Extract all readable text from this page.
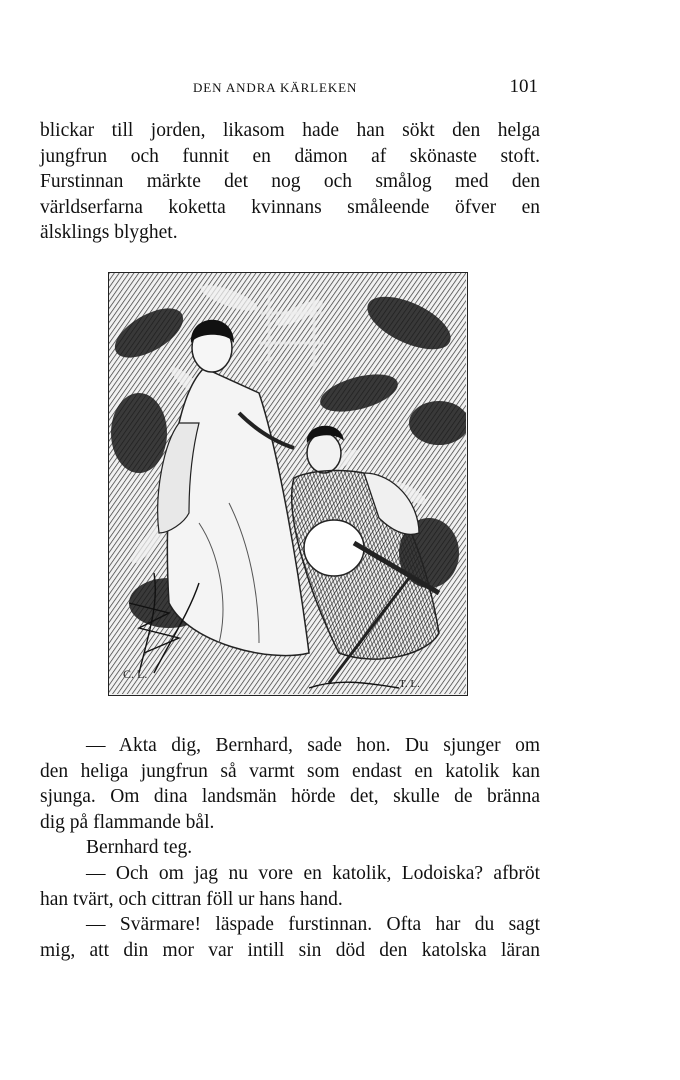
DEN ANDRA KÄRLEKEN	101
blickar till jorden, likasom hade han sökt den helga
jungfrun och funnit en dämon af skönaste stoft.
Furstinnan märkte det nog och smålog med den
världserfarna koketta kvinnans småleende öfver en
älsklings blyghet.
C. L.
T. L.
— Akta dig, Bernhard, sade hon. Du sjunger om
den heliga jungfrun så varmt som endast en katolik kan
sjunga. Om dina landsmän hörde det, skulle de bränna
dig på flammande bål.
Bernhard teg.
— Och om jag nu vore en katolik, Lodoiska? afbröt
han tvärt, och cittran föll ur hans hand.
— Svärmare! läspade furstinnan. Ofta har du sagt
mig, att din mor var intill sin död den katolska läran
